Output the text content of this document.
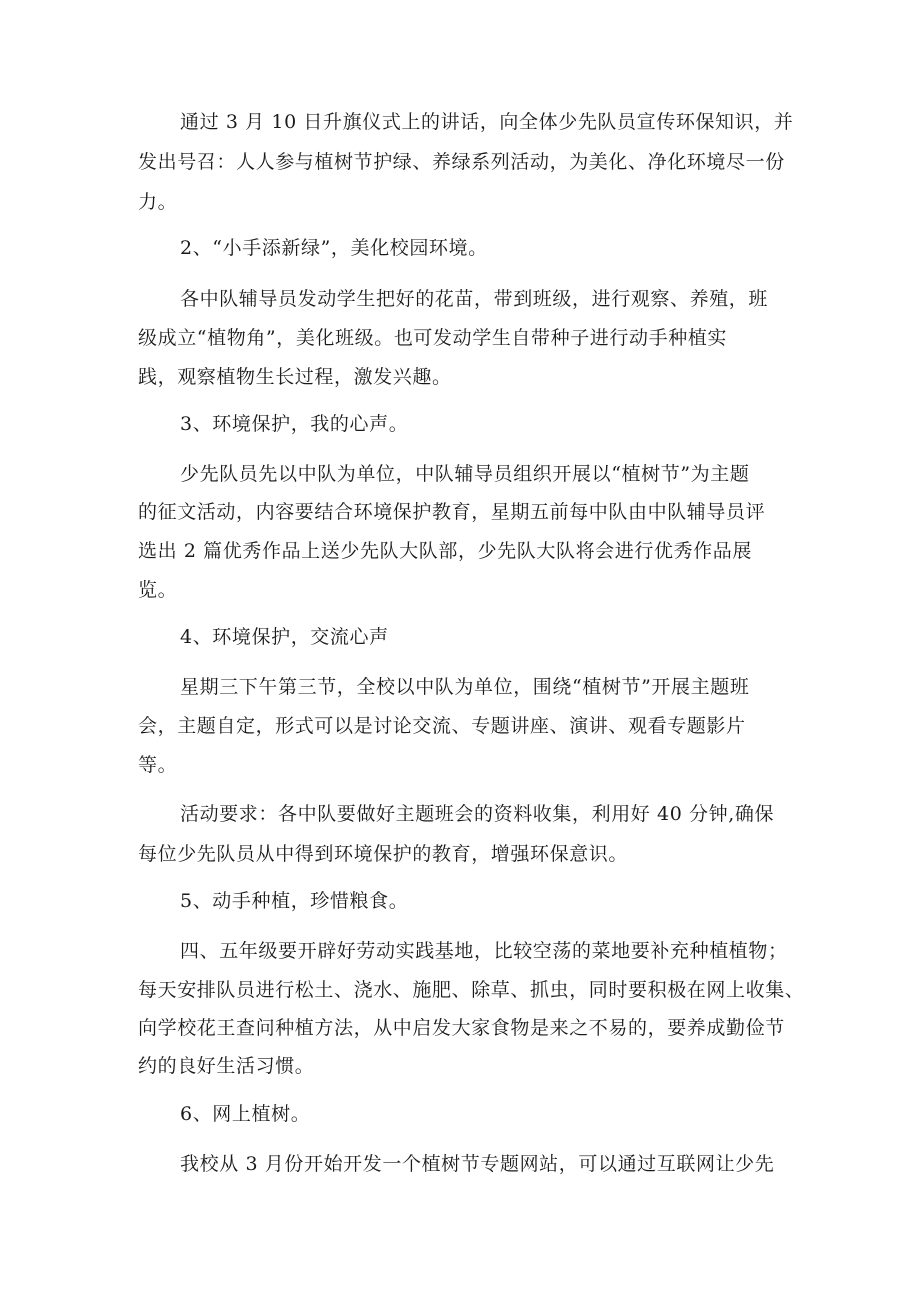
通过 3 月 10 日升旗仪式上的讲话，向全体少先队员宣传环保知识，并
发出号召：人人参与植树节护绿、养绿系列活动，为美化、净化环境尽一份
力。
2、“小手添新绿”，美化校园环境。
各中队辅导员发动学生把好的花苗，带到班级，进行观察、养殖，班
级成立“植物角”，美化班级。也可发动学生自带种子进行动手种植实
践，观察植物生长过程，激发兴趣。
3、环境保护，我的心声。
少先队员先以中队为单位，中队辅导员组织开展以“植树节”为主题
的征文活动，内容要结合环境保护教育，星期五前每中队由中队辅导员评
选出 2 篇优秀作品上送少先队大队部，少先队大队将会进行优秀作品展
览。
4、环境保护，交流心声
星期三下午第三节，全校以中队为单位，围绕“植树节”开展主题班
会，主题自定，形式可以是讨论交流、专题讲座、演讲、观看专题影片
等。
活动要求：各中队要做好主题班会的资料收集，利用好 40 分钟,确保
每位少先队员从中得到环境保护的教育，增强环保意识。
5、动手种植，珍惜粮食。
四、五年级要开辟好劳动实践基地，比较空荡的菜地要补充种植植物；
每天安排队员进行松土、浇水、施肥、除草、抓虫，同时要积极在网上收集、
向学校花王查问种植方法，从中启发大家食物是来之不易的，要养成勤俭节
约的良好生活习惯。
6、网上植树。
我校从 3 月份开始开发一个植树节专题网站，可以通过互联网让少先
